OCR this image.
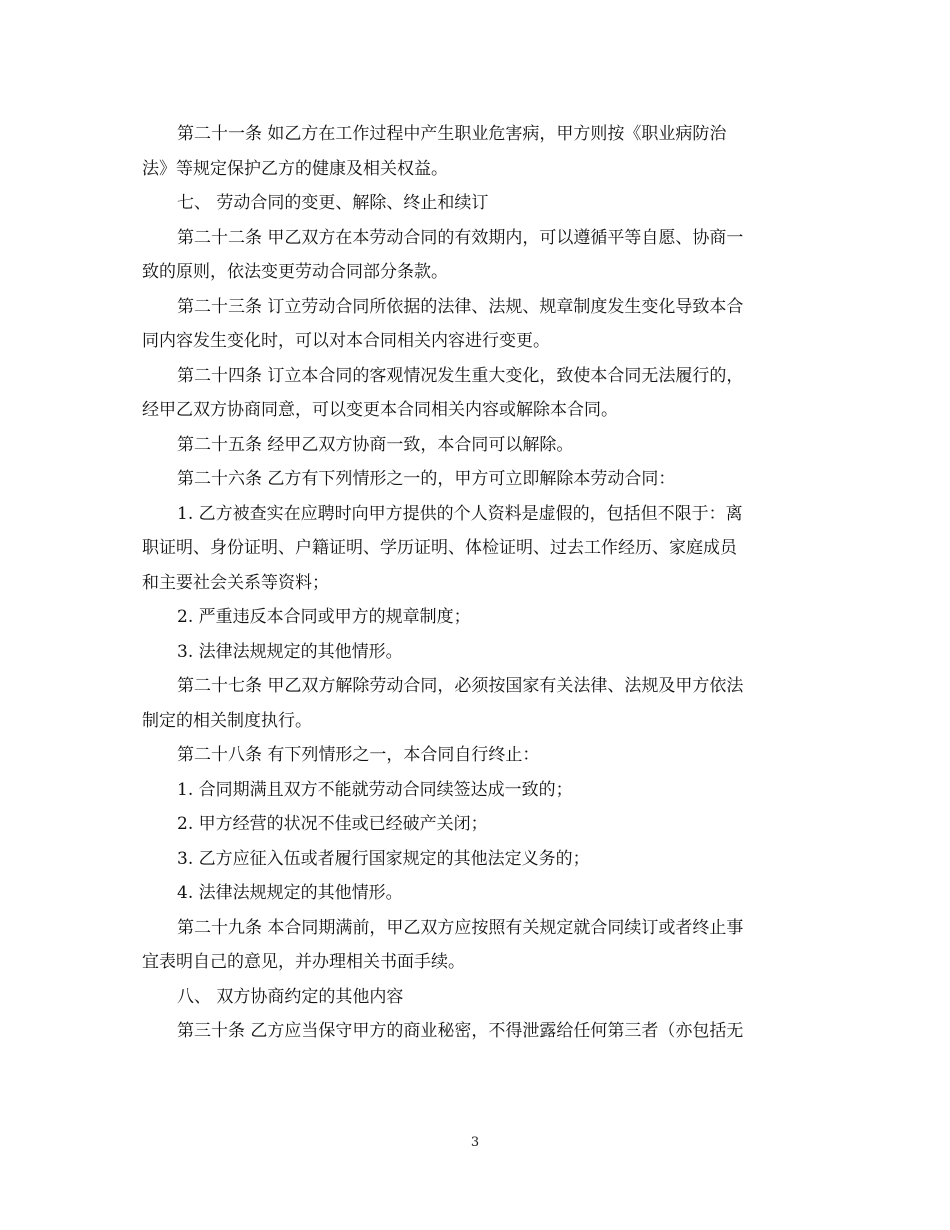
第二十一条 如乙方在工作过程中产生职业危害病，甲方则按《职业病防治
法》等规定保护乙方的健康及相关权益。
七、 劳动合同的变更、解除、终止和续订
第二十二条 甲乙双方在本劳动合同的有效期内，可以遵循平等自愿、协商一
致的原则，依法变更劳动合同部分条款。
第二十三条 订立劳动合同所依据的法律、法规、规章制度发生变化导致本合
同内容发生变化时，可以对本合同相关内容进行变更。
第二十四条 订立本合同的客观情况发生重大变化，致使本合同无法履行的，
经甲乙双方协商同意，可以变更本合同相关内容或解除本合同。
第二十五条 经甲乙双方协商一致，本合同可以解除。
第二十六条 乙方有下列情形之一的，甲方可立即解除本劳动合同：
1. 乙方被查实在应聘时向甲方提供的个人资料是虚假的，包括但不限于：离
职证明、身份证明、户籍证明、学历证明、体检证明、过去工作经历、家庭成员
和主要社会关系等资料；
2. 严重违反本合同或甲方的规章制度；
3. 法律法规规定的其他情形。
第二十七条 甲乙双方解除劳动合同，必须按国家有关法律、法规及甲方依法
制定的相关制度执行。
第二十八条 有下列情形之一，本合同自行终止：
1. 合同期满且双方不能就劳动合同续签达成一致的；
2. 甲方经营的状况不佳或已经破产关闭；
3. 乙方应征入伍或者履行国家规定的其他法定义务的；
4. 法律法规规定的其他情形。
第二十九条 本合同期满前，甲乙双方应按照有关规定就合同续订或者终止事
宜表明自己的意见，并办理相关书面手续。
八、 双方协商约定的其他内容
第三十条 乙方应当保守甲方的商业秘密，不得泄露给任何第三者（亦包括无

3
